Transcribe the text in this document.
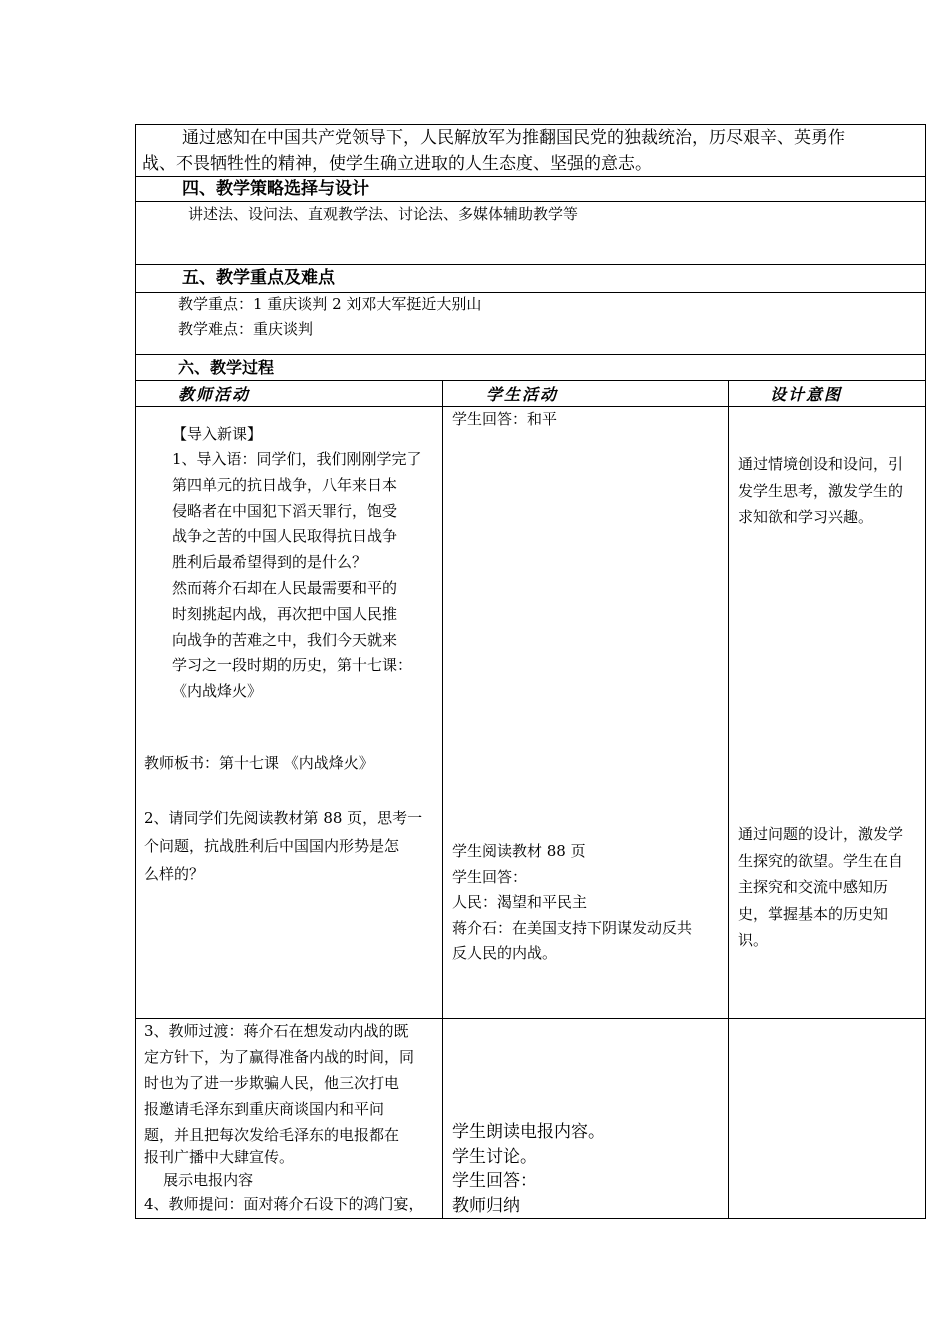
通过感知在中国共产党领导下，人民解放军为推翻国民党的独裁统治，历尽艰辛、英勇作
战、不畏牺牲性的精神，使学生确立进取的人生态度、坚强的意志。
四、教学策略选择与设计
讲述法、设问法、直观教学法、讨论法、多媒体辅助教学等
五、教学重点及难点
教学重点：1 重庆谈判 2 刘邓大军挺近大别山
教学难点：重庆谈判
六、教学过程
教师活动	学生活动	设计意图
【导入新课】
1、导入语：同学们，我们刚刚学完了
第四单元的抗日战争，八年来日本
侵略者在中国犯下滔天罪行，饱受
战争之苦的中国人民取得抗日战争
胜利后最希望得到的是什么？
然而蒋介石却在人民最需要和平的
时刻挑起内战，再次把中国人民推
向战争的苦难之中，我们今天就来
学习之一段时期的历史，第十七课：
《内战烽火》
教师板书：第十七课 《内战烽火》
2、请同学们先阅读教材第 88 页，思考一
个问题，抗战胜利后中国国内形势是怎
么样的？
学生回答：和平
学生阅读教材 88 页
学生回答：
人民：渴望和平民主
蒋介石：在美国支持下阴谋发动反共
反人民的内战。
通过情境创设和设问，引
发学生思考，激发学生的
求知欲和学习兴趣。
通过问题的设计，激发学
生探究的欲望。学生在自
主探究和交流中感知历
史，掌握基本的历史知
识。
3、教师过渡：蒋介石在想发动内战的既
定方针下，为了赢得准备内战的时间，同
时也为了进一步欺骗人民，他三次打电
报邀请毛泽东到重庆商谈国内和平问
题，并且把每次发给毛泽东的电报都在
报刊广播中大肆宣传。
展示电报内容
4、教师提问：面对蒋介石设下的鸿门宴，
学生朗读电报内容。
学生讨论。
学生回答：
教师归纳
